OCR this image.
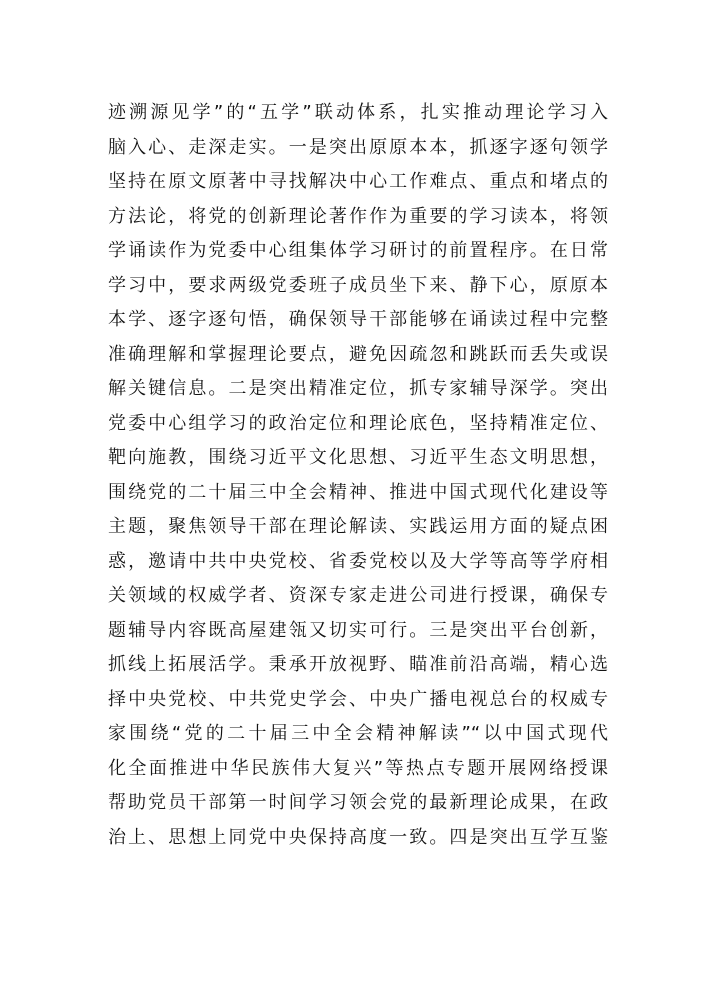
迹溯源见学”的“五学”联动体系，扎实推动理论学习入
脑入心、走深走实。一是突出原原本本，抓逐字逐句领学
坚持在原文原著中寻找解决中心工作难点、重点和堵点的
方法论，将党的创新理论著作作为重要的学习读本，将领
学诵读作为党委中心组集体学习研讨的前置程序。在日常
学习中，要求两级党委班子成员坐下来、静下心，原原本
本学、逐字逐句悟，确保领导干部能够在诵读过程中完整
准确理解和掌握理论要点，避免因疏忽和跳跃而丢失或误
解关键信息。二是突出精准定位，抓专家辅导深学。突出
党委中心组学习的政治定位和理论底色，坚持精准定位、
靶向施教，围绕习近平文化思想、习近平生态文明思想，
围绕党的二十届三中全会精神、推进中国式现代化建设等
主题，聚焦领导干部在理论解读、实践运用方面的疑点困
惑，邀请中共中央党校、省委党校以及大学等高等学府相
关领域的权威学者、资深专家走进公司进行授课，确保专
题辅导内容既高屋建瓴又切实可行。三是突出平台创新，
抓线上拓展活学。秉承开放视野、瞄准前沿高端，精心选
择中央党校、中共党史学会、中央广播电视总台的权威专
家围绕“党的二十届三中全会精神解读”“以中国式现代
化全面推进中华民族伟大复兴”等热点专题开展网络授课
帮助党员干部第一时间学习领会党的最新理论成果，在政
治上、思想上同党中央保持高度一致。四是突出互学互鉴
